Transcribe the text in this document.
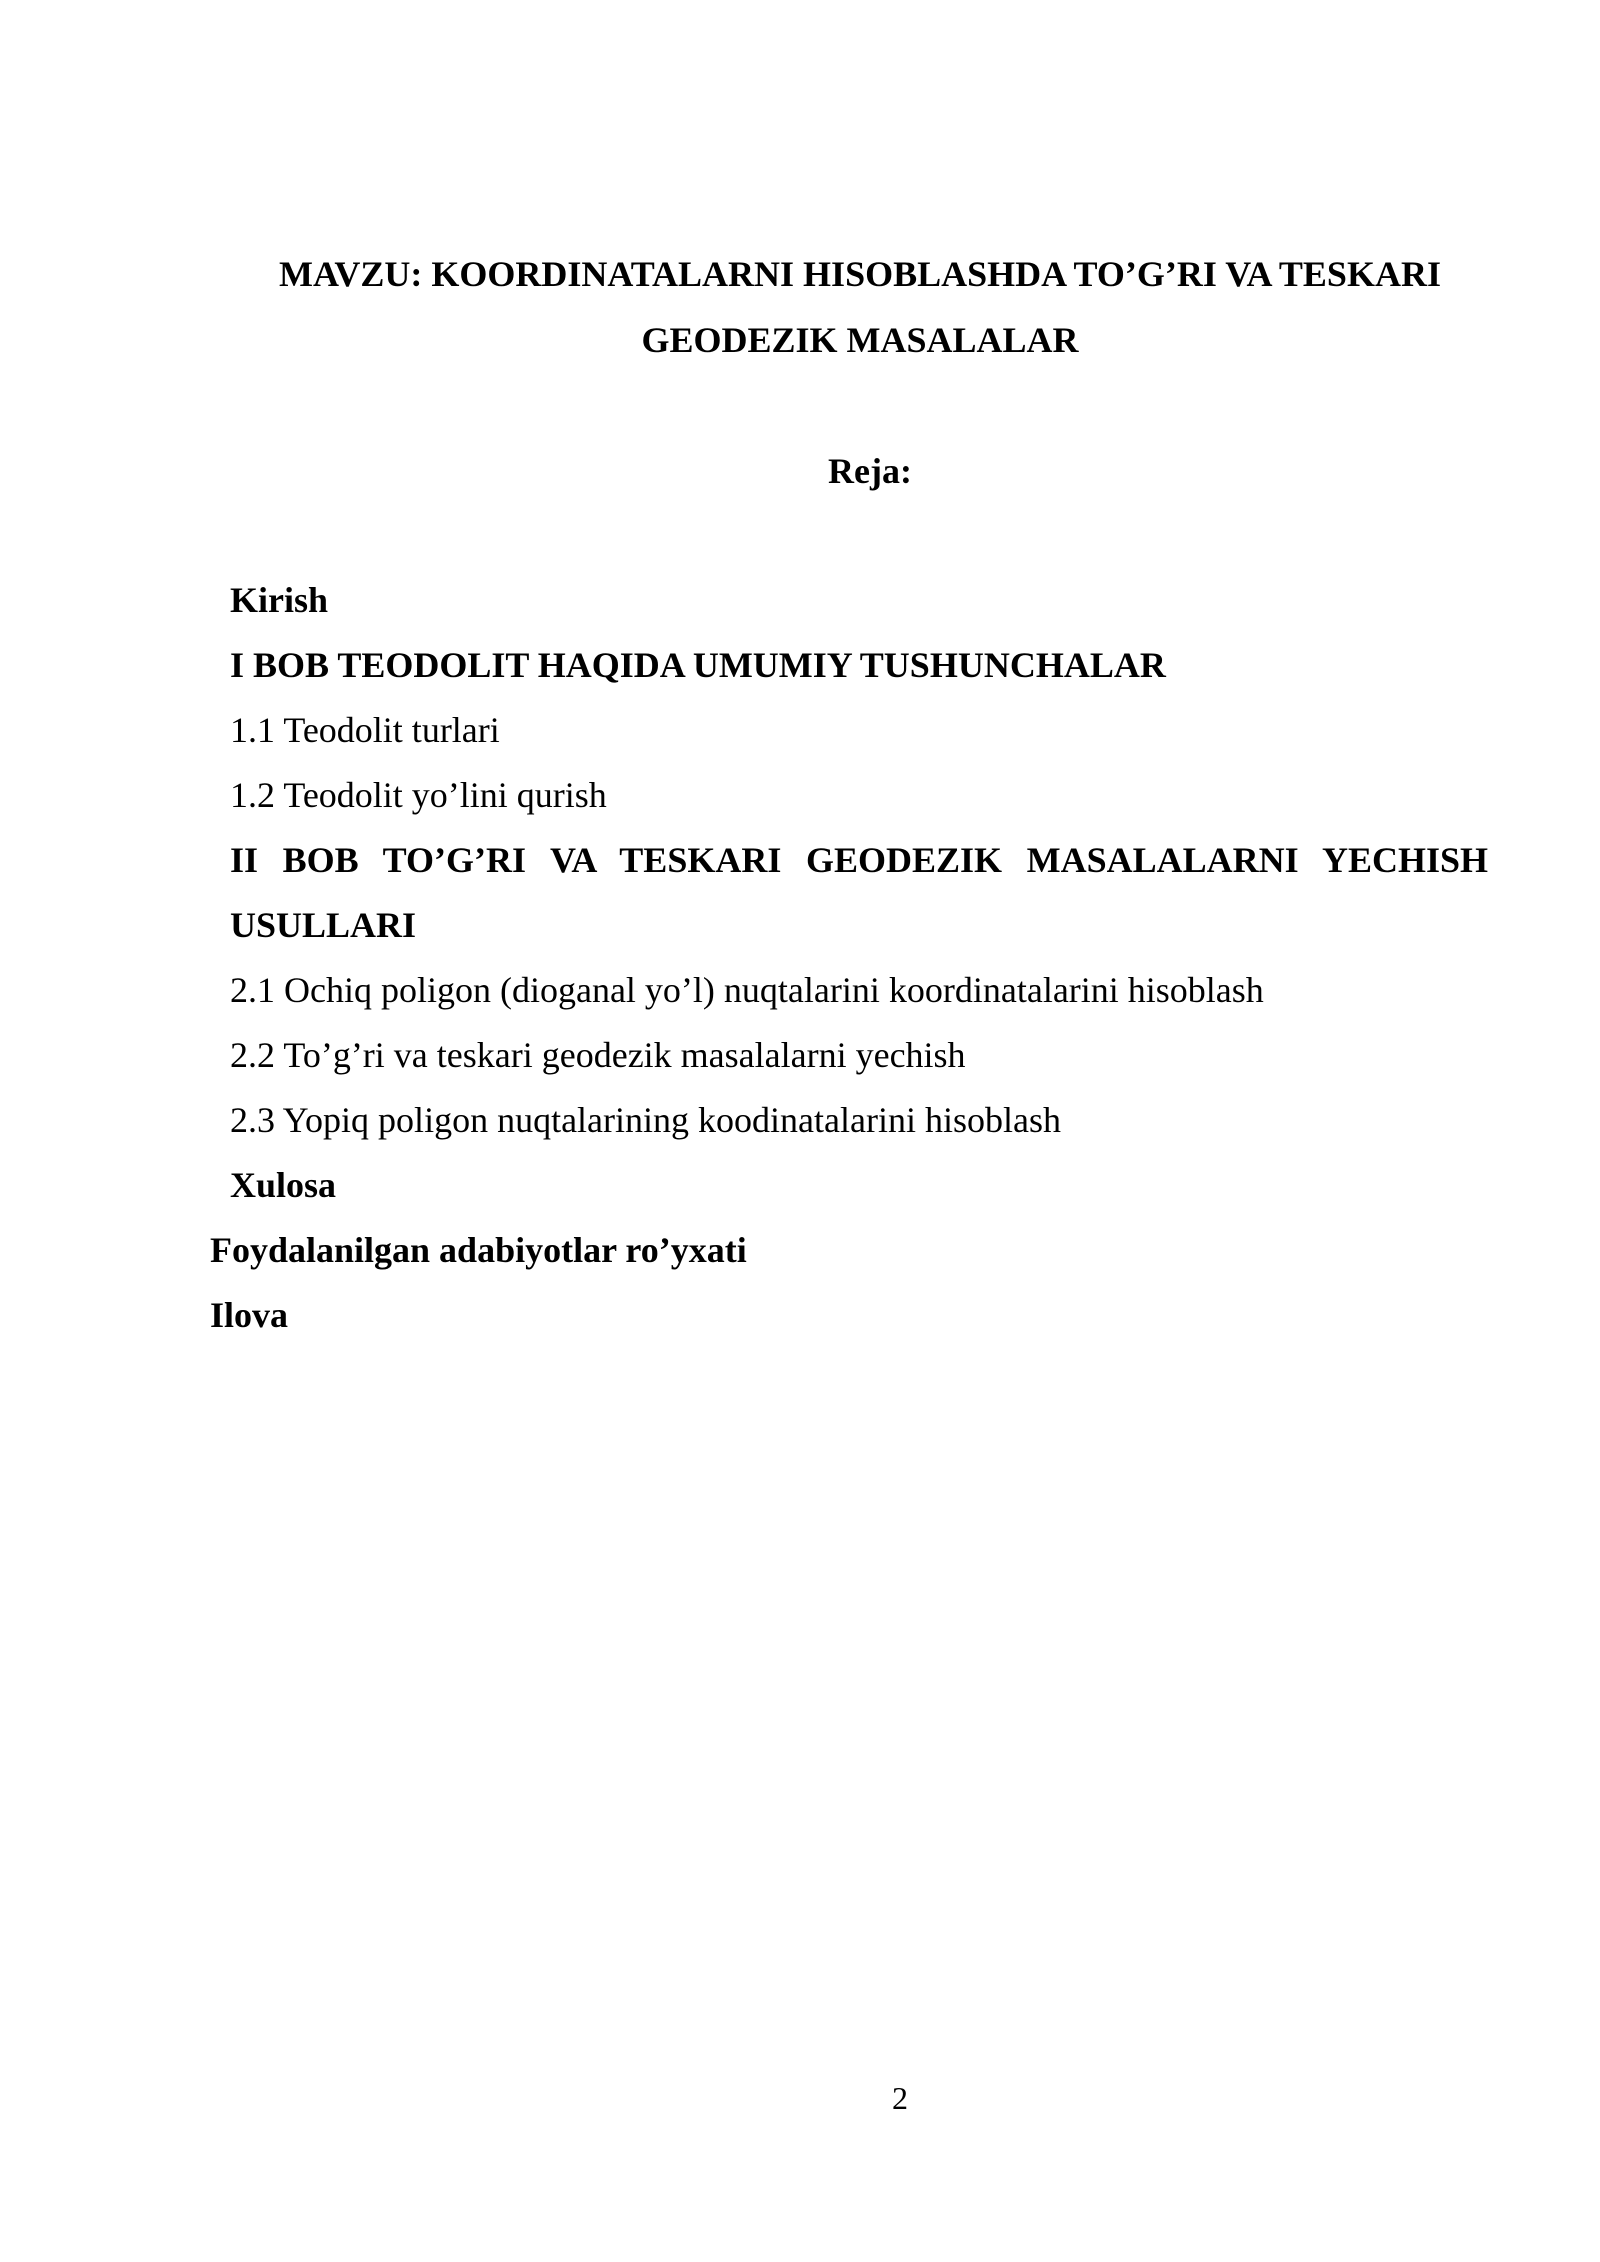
MAVZU: KOORDINATALARNI HISOBLASHDA TO’G’RI VA TESKARI
GEODEZIK MASALALAR
Reja:
Kirish
I BOB TEODOLIT HAQIDA UMUMIY TUSHUNCHALAR
1.1 Teodolit turlari
1.2 Teodolit yo’lini qurish
II BOB TO’G’RI VA TESKARI GEODEZIK MASALALARNI YECHISH
USULLARI
2.1 Ochiq poligon (dioganal yo’l) nuqtalarini koordinatalarini hisoblash
2.2 To’g’ri va teskari geodezik masalalarni yechish
2.3 Yopiq poligon nuqtalarining koodinatalarini hisoblash
Xulosa
Foydalanilgan adabiyotlar ro’yxati
Ilova
2
